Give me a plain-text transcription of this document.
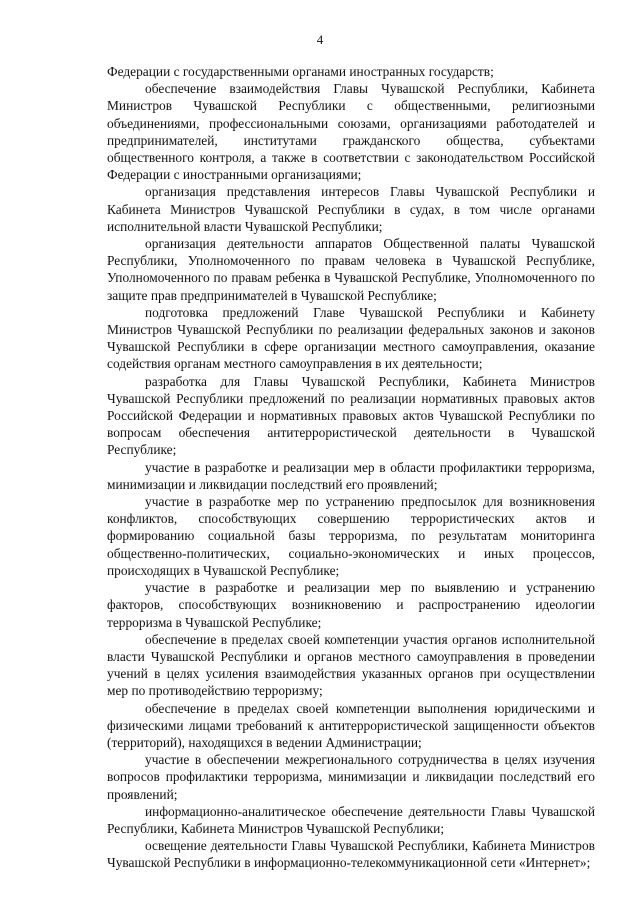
4

Федерации с государственными органами иностранных государств;

обеспечение взаимодействия Главы Чувашской Республики, Кабинета Министров Чувашской Республики с общественными, религиозными объединениями, профессиональными союзами, организациями работодателей и предпринимателей, институтами гражданского общества, субъектами общественного контроля, а также в соответствии с законодательством Российской Федерации с иностранными организациями;

организация представления интересов Главы Чувашской Республики и Кабинета Министров Чувашской Республики в судах, в том числе органами исполнительной власти Чувашской Республики;

организация деятельности аппаратов Общественной палаты Чувашской Республики, Уполномоченного по правам человека в Чувашской Республике, Уполномоченного по правам ребенка в Чувашской Республике, Уполномоченного по защите прав предпринимателей в Чувашской Республике;

подготовка предложений Главе Чувашской Республики и Кабинету Министров Чувашской Республики по реализации федеральных законов и законов Чувашской Республики в сфере организации местного самоуправления, оказание содействия органам местного самоуправления в их деятельности;

разработка для Главы Чувашской Республики, Кабинета Министров Чувашской Республики предложений по реализации нормативных правовых актов Российской Федерации и нормативных правовых актов Чувашской Республики по вопросам обеспечения антитеррористической деятельности в Чувашской Республике;

участие в разработке и реализации мер в области профилактики терроризма, минимизации и ликвидации последствий его проявлений;

участие в разработке мер по устранению предпосылок для возникновения конфликтов, способствующих совершению террористических актов и формированию социальной базы терроризма, по результатам мониторинга общественно-политических, социально-экономических и иных процессов, происходящих в Чувашской Республике;

участие в разработке и реализации мер по выявлению и устранению факторов, способствующих возникновению и распространению идеологии терроризма в Чувашской Республике;

обеспечение в пределах своей компетенции участия органов исполнительной власти Чувашской Республики и органов местного самоуправления в проведении учений в целях усиления взаимодействия указанных органов при осуществлении мер по противодействию терроризму;

обеспечение в пределах своей компетенции выполнения юридическими и физическими лицами требований к антитеррористической защищенности объектов (территорий), находящихся в ведении Администрации;

участие в обеспечении межрегионального сотрудничества в целях изучения вопросов профилактики терроризма, минимизации и ликвидации последствий его проявлений;

информационно-аналитическое обеспечение деятельности Главы Чувашской Республики, Кабинета Министров Чувашской Республики;

освещение деятельности Главы Чувашской Республики, Кабинета Министров Чувашской Республики в информационно-телекоммуникационной сети «Интернет»;
